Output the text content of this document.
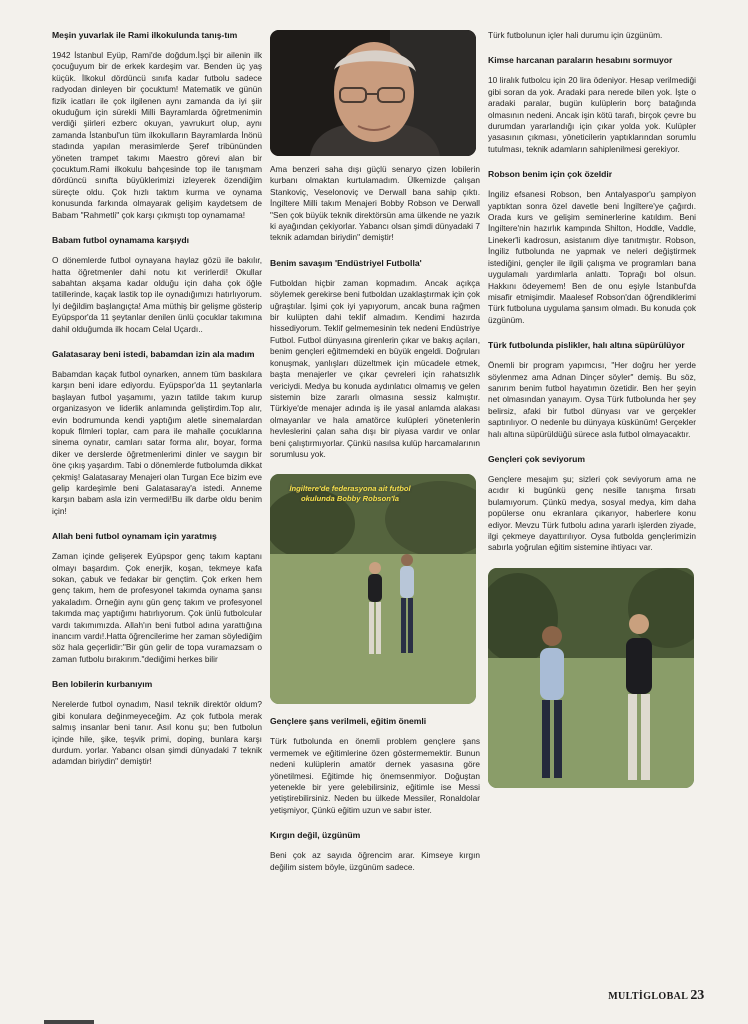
Meşin yuvarlak ile Rami ilkokulunda tanış-tım

1942 İstanbul Eyüp, Rami'de doğdum.İşçi bir ailenin ilk çocuğuyum bir de erkek kardeşim var. Benden üç yaş küçük. İlkokul dördüncü sınıfa kadar futbolu sadece radyodan dinleyen bir çocuktum! Matematik ve günün fizik icatları ile çok ilgilenen aynı zamanda da iyi şiir okuduğum için sürekli Milli Bayramlarda öğretmenimin verdiği şiirleri ezberc okuyan, yavrukurt olup, aynı zamanda İstanbul'un tüm ilkokulların Bayramlarda İnönü stadında yapılan merasimlerde Şeref tribününden yöneten trampet takımı Maestro görevi alan bir çocuktum.Rami ilkokulu bahçesinde top ile tanışmam dördüncü sınıfta büyüklerimizi izleyerek özendiğim süreçte oldu. Çok hızlı taktım kurma ve oynama konusunda farkında olmayarak gelişim kaydetsem de Babam "Rahmetli" çok karşı çıkmıştı top oynamama!

Babam futbol oynamama karşıydı

O dönemlerde futbol oynayana haylaz gözü ile bakılır, hatta öğretmenler dahi notu kıt verirlerdi! Okullar sabahtan akşama kadar olduğu için daha çok öğle tatillerinde, kaçak lastik top ile oynadığımızı hatırlıyorum. İyi değildim başlangıçta! Ama müthiş bir gelişme gösterip Eyüpspor'da 11 şeytanlar denilen ünlü çocuklar takımına dahil olduğumda ilk hocam Celal Uçardı..

Galatasaray beni istedi, babamdan izin ala madım

Babamdan kaçak futbol oynarken, annem tüm baskılara karşın beni idare ediyordu. Eyüpspor'da 11 şeytanlarla başlayan futbol yaşamımı, yazın tatilde takım kurup organizasyon ve liderlik anlamında geliştirdim.Top alır, evin bodrumunda kendi yaptığım aletle sinemalardan kopuk filmleri toplar, cam para ile mahalle çocuklarına sinema oynatır, camları satar forma alır, boyar, forma diker ve derslerde öğretmenlerimi dinler ve saygın bir öne çıkış yaşardım. Tabi o dönemlerde futbolumda dikkat çekmiş! Galatasaray Menajeri olan Turgan Ece bizim eve gelip kardeşimle beni Galatasaray'a istedi. Anneme karşın babam asla izin vermedi!Bu ilk darbe oldu benim için!

Allah beni futbol oynamam için yaratmış

Zaman içinde gelişerek Eyüpspor genç takım kaptanı olmayı başardım. Çok enerjik, koşan, tekmeye kafa sokan, çabuk ve fedakar bir gençtim. Çok erken hem genç takım, hem de profesyonel takımda oynama şansı yakaladım. Örneğin aynı gün genç takım ve profesyonel takımda maç yaptığımı hatırlıyorum. Çok ünlü futbolcular vardı takımımızda. Allah'ın beni futbol adına yarattığına inancım vardı!.Hatta öğrencilerime her zaman söylediğim söz hala geçerlidir:"Bir gün gelir de topa vuramazsam o zaman futbolu bırakırım."dediğimi herkes bilir

Ben lobilerin kurbanıyım

Nerelerde futbol oynadım, Nasıl teknik direktör oldum? gibi konulara değinmeyeceğim. Az çok futbola merak salmış insanlar beni tanır. Asıl konu şu; ben futbolun içinde hile, şike, teşvik primi, doping, bunlara karşı durdum. yorlar. Yabancı olsan şimdi dünyadaki 7 teknik adamdan biriydin" demiştir!

Ama benzeri saha dışı güçlü senaryo çizen lobilerin kurbanı olmaktan kurtulamadım. Ülkemizde çalışan Stankoviç, Veselonoviç ve Derwall bana sahip çıktı. İngiltere Milli takım Menajeri Bobby Robson ve Derwall "Sen çok büyük teknik direktörsün ama ülkende ne yazık ki ayağından çekiyorlar. Yabancı olsan şimdi dünyadaki 7 teknik adamdan biriydin" demiştir!

Benim savaşım 'Endüstriyel Futbolla'

Futboldan hiçbir zaman kopmadım. Ancak açıkça söylemek gerekirse beni futboldan uzaklaştırmak için çok uğraştılar. İşimi çok iyi yapıyorum, ancak buna rağmen bir kulüpten dahi teklif almadım. Kendimi hazırda hissediyorum. Teklif gelmemesinin tek nedeni Endüstriye Futbol. Futbol dünyasına girenlerin çıkar ve bakış açıları, benim gençleri eğitmemdeki en büyük engeldi. Doğruları konuşmak, yanlışları düzeltmek için mücadele etmek, başta menajerler ve çıkar çevreleri için rahatsızlık vericiydi. Medya bu konuda aydınlatıcı olmamış ve gelen sistemin bize zararlı olmasına sessiz kalmıştır. Türkiye'de menajer adında iş ile yasal anlamda alakası olmayanlar ve hala amatörce kulüpleri yönetenlerin hevleslerini çalan saha dışı bir piyasa vardır ve onlar beni çalıştırmıyorlar. Çünkü nasılsa kulüp harcamalarının sorumlusu yok.

İngiltere'de federasyona ait futbol okulunda Bobby Robson'la
Gençlere şans verilmeli, eğitim önemli

Türk futbolunda en önemli problem gençlere şans vermemek ve eğitimlerine özen göstermemektir. Bunun nedeni kulüplerin amatör dernek yasasına göre yönetilmesi. Eğitimde hiç önemsenmiyor. Doğuştan yetenekle bir yere gelebilirsiniz, eğitimle ise Messi yetiştirebilirsiniz. Neden bu ülkede Messiler, Ronaldolar yetişmiyor, Çünkü eğitim uzun ve sabır ister.

Kırgın değil, üzgünüm

Beni çok az sayıda öğrencim arar. Kimseye kırgın değilim sistem böyle, üzgünüm sadece.

Türk futbolunun içler hali durumu için üzgünüm.

Kimse harcanan paraların hesabını sormuyor

10 liralık futbolcu için 20 lira ödeniyor. Hesap verilmediği gibi soran da yok. Aradaki para nerede bilen yok. İşte o aradaki paralar, bugün kulüplerin borç batağında olmasının nedeni. Ancak işin kötü tarafı, birçok çevre bu durumdan yararlandığı için çıkar yolda yok. Kulüpler yasasının çıkması, yöneticilerin yaptıklarından sorumlu tutulması, teknik adamların sahiplenilmesi gerekiyor.

Robson benim için çok özeldir

İngiliz efsanesi Robson, ben Antalyaspor'u şampiyon yaptıktan sonra özel davetle beni İngiltere'ye çağırdı. Orada kurs ve gelişim seminerlerine katıldım. Beni İngiltere'nin hazırlık kampında Shilton, Hoddle, Vaddle, Lineker'li kadrosun, asistanım diye tanıtmıştır. Robson, İngiliz futbolunda ne yapmak ve neleri değiştirmek istediğini, gençler ile ilgili çalışma ve programları bana uygulamalı yardımlarla anlattı. Toprağı bol olsun. Hakkını ödeyemem! Ben de onu eşiyle İstanbul'da misafir etmişimdir. Maalesef Robson'dan öğrendiklerimi Türk futboluna uygulama şansım olmadı. Bu konuda çok üzgünüm.

Türk futbolunda pislikler, halı altına süpürülüyor

Önemli bir program yapımcısı, "Her doğru her yerde söylenmez ama Adnan Dinçer söyler" demiş. Bu söz, sanırım benim futbol hayatımın özetidir. Ben her şeyin net olmasından yanayım. Oysa Türk futbolunda her şey belirsiz, afaki bir futbol dünyası var ve gerçekler saptırılıyor. O nedenle bu dünyaya küskünüm! Gerçekler halı altına süpürüldüğü sürece asla futbol olmayacaktır.

Gençleri çok seviyorum

Gençlere mesajım şu; sizleri çok seviyorum ama ne acıdır ki bugünkü genç nesille tanışma fırsatı bulamıyorum. Çünkü medya, sosyal medya, kim daha popülerse onu ekranlara çıkarıyor, haberlere konu ediyor. Mevzu Türk futbolu adına yararlı işlerden ziyade, ilgi çekmeye dayattırılıyor. Oysa futbolda gençlerimizin sabırla yoğrulan eğitim sistemine ihtiyacı var.

MULTİGLOBAL 23
